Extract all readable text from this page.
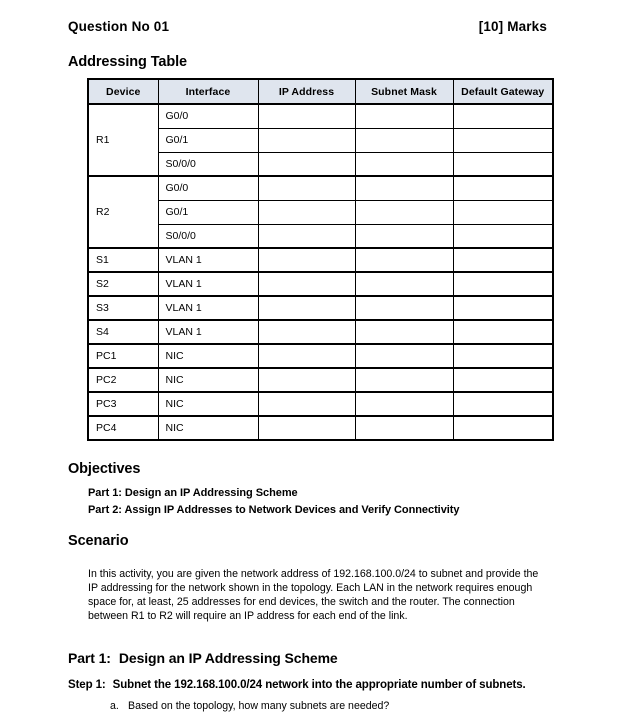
Question No 01	[10] Marks
Addressing Table
Device	Interface	IP Address	Subnet Mask	Default Gateway
R1	G0/0			
	G0/1			
	S0/0/0			
R2	G0/0			
	G0/1			
	S0/0/0			
S1	VLAN 1			
S2	VLAN 1			
S3	VLAN 1			
S4	VLAN 1			
PC1	NIC			
PC2	NIC			
PC3	NIC			
PC4	NIC			
Objectives
Part 1: Design an IP Addressing Scheme
Part 2: Assign IP Addresses to Network Devices and Verify Connectivity
Scenario

In this activity, you are given the network address of 192.168.100.0/24 to subnet and provide the IP addressing for the network shown in the topology. Each LAN in the network requires enough space for, at least, 25 addresses for end devices, the switch and the router. The connection between R1 to R2 will require an IP address for each end of the link.

Part 1: Design an IP Addressing Scheme
Step 1: Subnet the 192.168.100.0/24 network into the appropriate number of subnets.
a. Based on the topology, how many subnets are needed?
